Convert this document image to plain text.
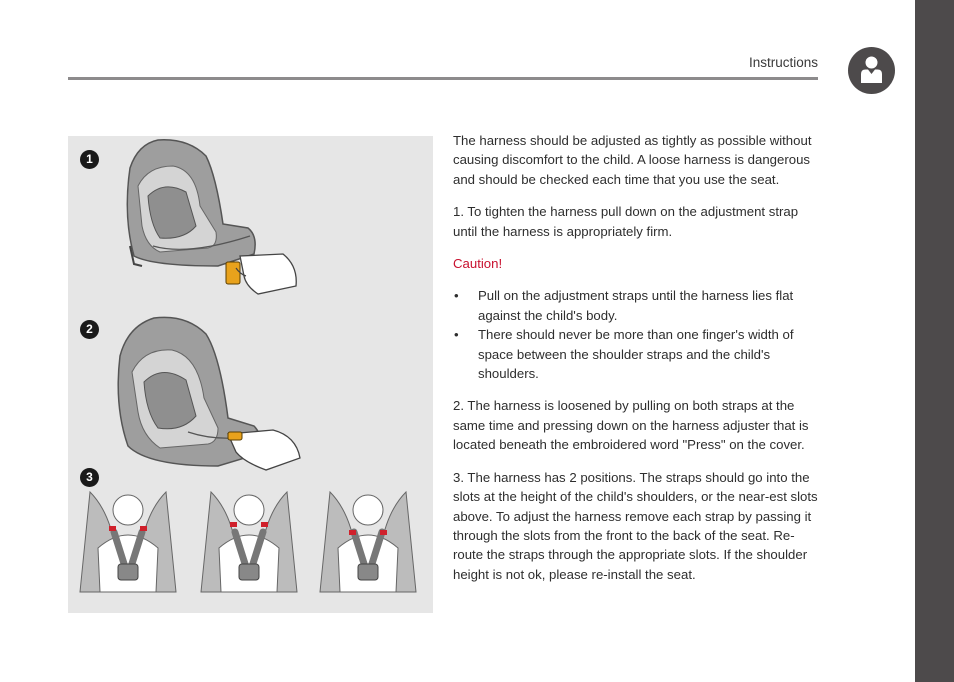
Instructions
1
2
3

The harness should be adjusted as tightly as possible without causing discomfort to the child. A loose harness is dangerous and should be checked each time that you use the seat.

1. To tighten the harness pull down on the adjustment strap until the harness is appropriately firm.

Caution!

• Pull on the adjustment straps until the harness lies flat against the child's body.
• There should never be more than one finger's width of space between the shoulder straps and the child's shoulders.

2. The harness is loosened by pulling on both straps at the same time and pressing down on the harness adjuster that is located beneath the embroidered word "Press" on the cover.

3. The harness has 2 positions. The straps should go into the slots at the height of the child's shoulders, or the near-est slots above. To adjust the harness remove each strap by passing it through the slots from the front to the back of the seat. Re-route the straps through the appropriate slots. If the shoulder height is not ok, please re-install the seat.
